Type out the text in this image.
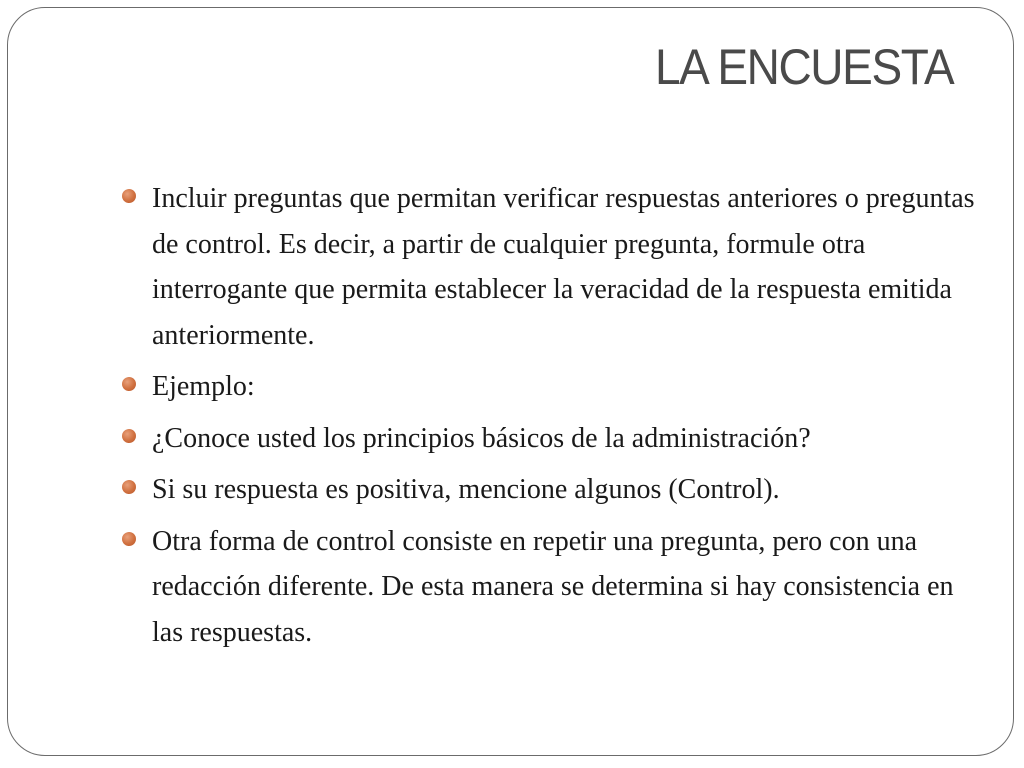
LA ENCUESTA
Incluir preguntas que permitan verificar respuestas anteriores o preguntas de control. Es decir, a partir de cualquier pregunta, formule otra interrogante que permita establecer la veracidad de la respuesta emitida anteriormente.
Ejemplo:
¿Conoce usted los principios básicos de la administración?
Si su respuesta es positiva, mencione algunos (Control).
Otra forma de control consiste en repetir una pregunta, pero con una redacción diferente. De esta manera se determina si hay consistencia en las respuestas.
